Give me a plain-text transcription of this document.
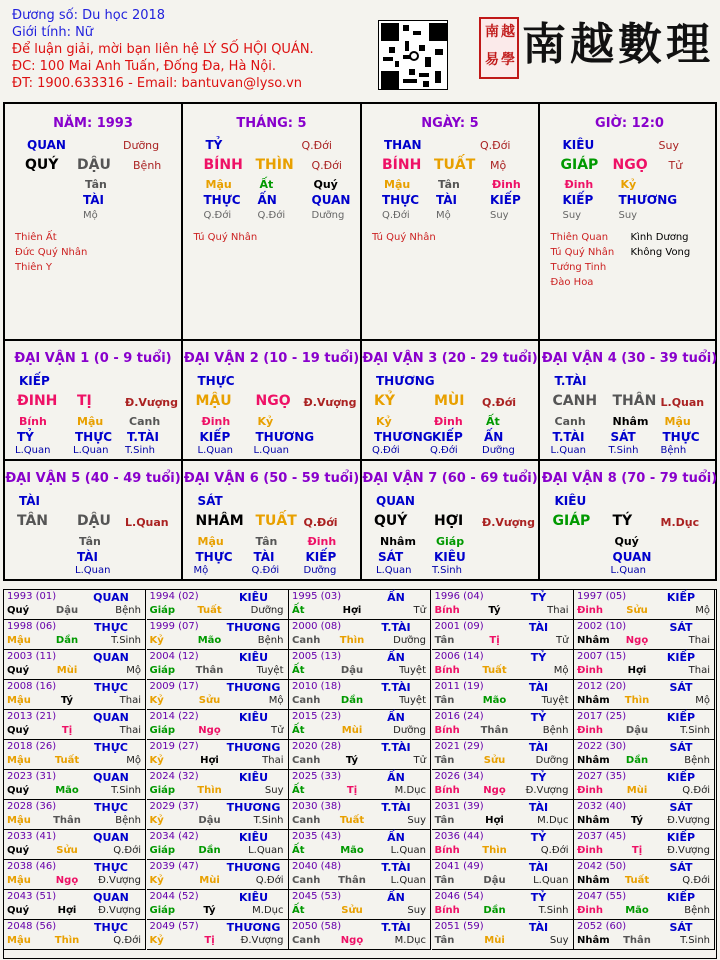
Đương số: Du học 2018
Giới tính: Nữ
Để luận giải, mời bạn liên hệ LÝ SỐ HỘI QUÁN.
ĐC: 100 Mai Anh Tuấn, Đống Đa, Hà Nội.
ĐT: 1900.633316 - Email: bantuvan@lyso.vn
南 越
易 學 南越數理
NĂM: 1993
QUAN	Dưỡng
QUÝ DẬU Bệnh
Tân
TÀI
Mộ
Thiên Ất
Đức Quý Nhân
Thiên Y
THÁNG: 5
TỶ	Q.Đới
BÍNH THÌN Q.Đới
Mậu
THỰC
Q.Đới
Ất
ẤN
Q.Đới
Quý
QUAN
Dưỡng
Tú Quý Nhân
NGÀY: 5
THAN	Q.Đới
BÍNH TUẤT Mộ
Mậu
THỰC
Q.Đới
Tân
TÀI
Mộ
Đinh
KIẾP
Suy
Tú Quý Nhân
GIỜ: 12:0
KIÊU	Suy
GIÁP NGỌ Tử
Đinh
KIẾP
Suy
Kỷ
THƯƠNG
Suy
Thiên Quan
Tú Quý Nhân
Tướng Tinh
Đào Hoa
Kình Dương
Không Vong
ĐẠI VẬN 1 (0 - 9 tuổi)
KIẾP
ĐINH TỊ	Đ.Vượng
Bính
TỶ
L.Quan
Mậu
THỰC
L.Quan
Canh
T.TÀI
T.Sinh
ĐẠI VẬN 2 (10 - 19 tuổi)
THỰC
MẬU NGỌ Đ.Vượng
Đinh
KIẾP
L.Quan
Kỷ
THƯƠNG
L.Quan
ĐẠI VẬN 3 (20 - 29 tuổi)
THƯƠNG
KỶ	MÙI Q.Đới
Kỷ
THƯƠNG
Q.Đới
Đinh
KIẾP
Q.Đới
Ất
ẤN
Dưỡng
ĐẠI VẬN 4 (30 - 39 tuổi)
T.TÀI
CANH THÂN L.Quan
Canh
T.TÀI
L.Quan
Nhâm
SÁT
T.Sinh
Mậu
THỰC
Bệnh
ĐẠI VẬN 5 (40 - 49 tuổi)
TÀI
TÂN DẬU L.Quan
Tân
TÀI
L.Quan
ĐẠI VẬN 6 (50 - 59 tuổi)
SÁT
NHÂM TUẤT Q.Đới
Mậu
THỰC
Mộ
Tân
TÀI
Q.Đới
Đinh
KIẾP
Dưỡng
ĐẠI VẬN 7 (60 - 69 tuổi)
QUAN
QUÝ HỢI Đ.Vượng
Nhâm
SÁT
L.Quan
Giáp
KIÊU
T.Sinh
ĐẠI VẬN 8 (70 - 79 tuổi)
KIÊU
GIÁP TÝ	M.Dục
Quý
QUAN
L.Quan
1993 (01)	QUAN
Quý	Dậu	Bệnh
1994 (02)	KIÊU
Giáp Tuất	Dưỡng
1995 (03)	ẤN
Ất	Hợi	Tử
1996 (04)	TỶ
Bính	Tý	Thai
1997 (05)	KIẾP
Đinh	Sửu	Mộ
1998 (06)	THỰC
Mậu	Dần	T.Sinh
1999 (07)	THƯƠNG
Kỷ	Mão	Bệnh
2000 (08)	T.TÀI
Canh Thìn	Dưỡng
2001 (09)	TÀI
Tân	Tị	Tử
2002 (10)	SÁT
Nhâm	Ngọ	Thai
2003 (11)	QUAN
Quý	Mùi	Mộ
2004 (12)	KIÊU
Giáp Thân	Tuyệt
2005 (13)	ẤN
Ất	Dậu	Tuyệt
2006 (14)	TỶ
Bính Tuất	Mộ
2007 (15)	KIẾP
Đinh	Hợi	Thai
2008 (16)	THỰC
Mậu	Tý	Thai
2009 (17)	THƯƠNG
Kỷ	Sửu	Mộ
2010 (18)	T.TÀI
Canh	Dần	Tuyệt
2011 (19)	TÀI
Tân	Mão	Tuyệt
2012 (20)	SÁT
Nhâm Thìn	Mộ
2013 (21)	QUAN
Quý	Tị	Thai
2014 (22)	KIÊU
Giáp	Ngọ	Tử
2015 (23)	ẤN
Ất	Mùi	Dưỡng
2016 (24)	TỶ
Bính Thân	Bệnh
2017 (25)	KIẾP
Đinh	Dậu	T.Sinh
2018 (26)	THỰC
Mậu Tuất	Mộ
2019 (27)	THƯƠNG
Kỷ	Hợi	Thai
2020 (28)	T.TÀI
Canh	Tý	Tử
2021 (29)	TÀI
Tân	Sửu	Dưỡng
2022 (30)	SÁT
Nhâm	Dần	Bệnh
2023 (31)	QUAN
Quý	Mão	T.Sinh
2024 (32)	KIÊU
Giáp Thìn	Suy
2025 (33)	ẤN
Ất	Tị	M.Dục
2026 (34)	TỶ
Bính	Ngọ	Đ.Vượng
2027 (35)	KIẾP
Đinh	Mùi	Q.Đới
2028 (36)	THỰC
Mậu Thân	Bệnh
2029 (37)	THƯƠNG
Kỷ	Dậu	T.Sinh
2030 (38)	T.TÀI
Canh Tuất	Suy
2031 (39)	TÀI
Tân	Hợi	M.Dục
2032 (40)	SÁT
Nhâm	Tý	Đ.Vượng
2033 (41)	QUAN
Quý	Sửu	Q.Đới
2034 (42)	KIÊU
Giáp	Dần	L.Quan
2035 (43)	ẤN
Ất	Mão	L.Quan
2036 (44)	TỶ
Bính Thìn	Q.Đới
2037 (45)	KIẾP
Đinh	Tị	Đ.Vượng
2038 (46)	THỰC
Mậu	Ngọ	Đ.Vượng
2039 (47)	THƯƠNG
Kỷ	Mùi	Q.Đới
2040 (48)	T.TÀI
Canh Thân L.Quan
2041 (49)	TÀI
Tân	Dậu	L.Quan
2042 (50)	SÁT
Nhâm Tuất	Q.Đới
2043 (51)	QUAN
Quý	Hợi	Đ.Vượng
2044 (52)	KIÊU
Giáp	Tý	M.Dục
2045 (53)	ẤN
Ất	Sửu	Suy
2046 (54)	TỶ
Bính	Dần	T.Sinh
2047 (55)	KIẾP
Đinh	Mão	Bệnh
2048 (56)	THỰC
Mậu Thìn	Q.Đới
2049 (57)	THƯƠNG
Kỷ	Tị	Đ.Vượng
2050 (58)	T.TÀI
Canh	Ngọ	M.Dục
2051 (59)	TÀI
Tân	Mùi	Suy
2052 (60)	SÁT
Nhâm Thân	T.Sinh
